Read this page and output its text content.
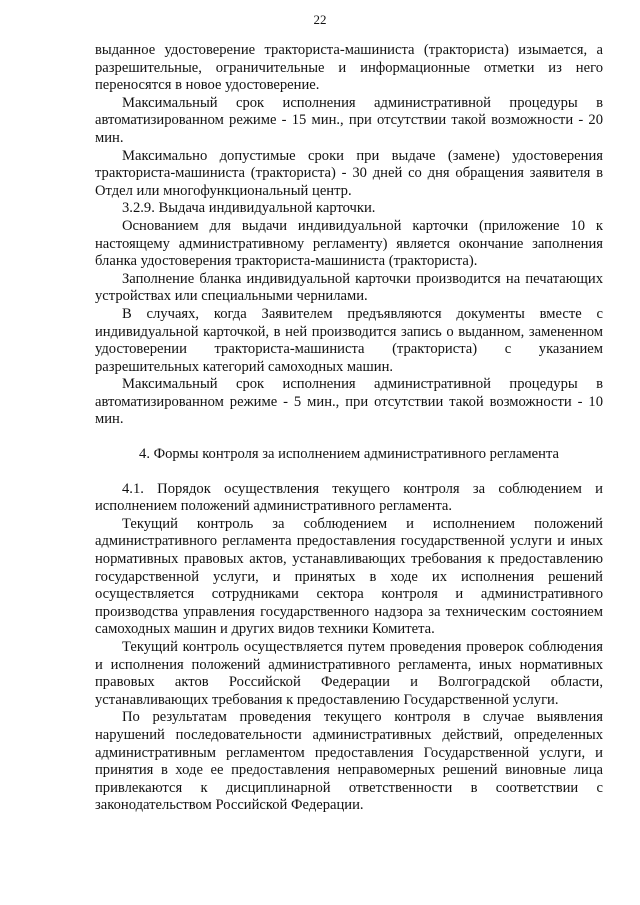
22

выданное удостоверение тракториста-машиниста (тракториста) изымается, а разрешительные, ограничительные и информационные отметки из него переносятся в новое удостоверение.

Максимальный срок исполнения административной процедуры в автоматизированном режиме - 15 мин., при отсутствии такой возможности - 20 мин.

Максимально допустимые сроки при выдаче (замене) удостоверения тракториста-машиниста (тракториста) - 30 дней со дня обращения заявителя в Отдел или многофункциональный центр.

3.2.9. Выдача индивидуальной карточки.

Основанием для выдачи индивидуальной карточки (приложение 10 к настоящему административному регламенту) является окончание заполнения бланка удостоверения тракториста-машиниста (тракториста).

Заполнение бланка индивидуальной карточки производится на печатающих устройствах или специальными чернилами.

В случаях, когда Заявителем предъявляются документы вместе с индивидуальной карточкой, в ней производится запись о выданном, замененном удостоверении тракториста-машиниста (тракториста) с указанием разрешительных категорий самоходных машин.

Максимальный срок исполнения административной процедуры в автоматизированном режиме - 5 мин., при отсутствии такой возможности - 10 мин.

4. Формы контроля за исполнением административного регламента

4.1. Порядок осуществления текущего контроля за соблюдением и исполнением положений административного регламента.

Текущий контроль за соблюдением и исполнением положений административного регламента предоставления государственной услуги и иных нормативных правовых актов, устанавливающих требования к предоставлению государственной услуги, и принятых в ходе их исполнения решений осуществляется сотрудниками сектора контроля и административного производства управления государственного надзора за техническим состоянием самоходных машин и других видов техники Комитета.

Текущий контроль осуществляется путем проведения проверок соблюдения и исполнения положений административного регламента, иных нормативных правовых актов Российской Федерации и Волгоградской области, устанавливающих требования к предоставлению Государственной услуги.

По результатам проведения текущего контроля в случае выявления нарушений последовательности административных действий, определенных административным регламентом предоставления Государственной услуги, и принятия в ходе ее предоставления неправомерных решений виновные лица привлекаются к дисциплинарной ответственности в соответствии с законодательством Российской Федерации.
